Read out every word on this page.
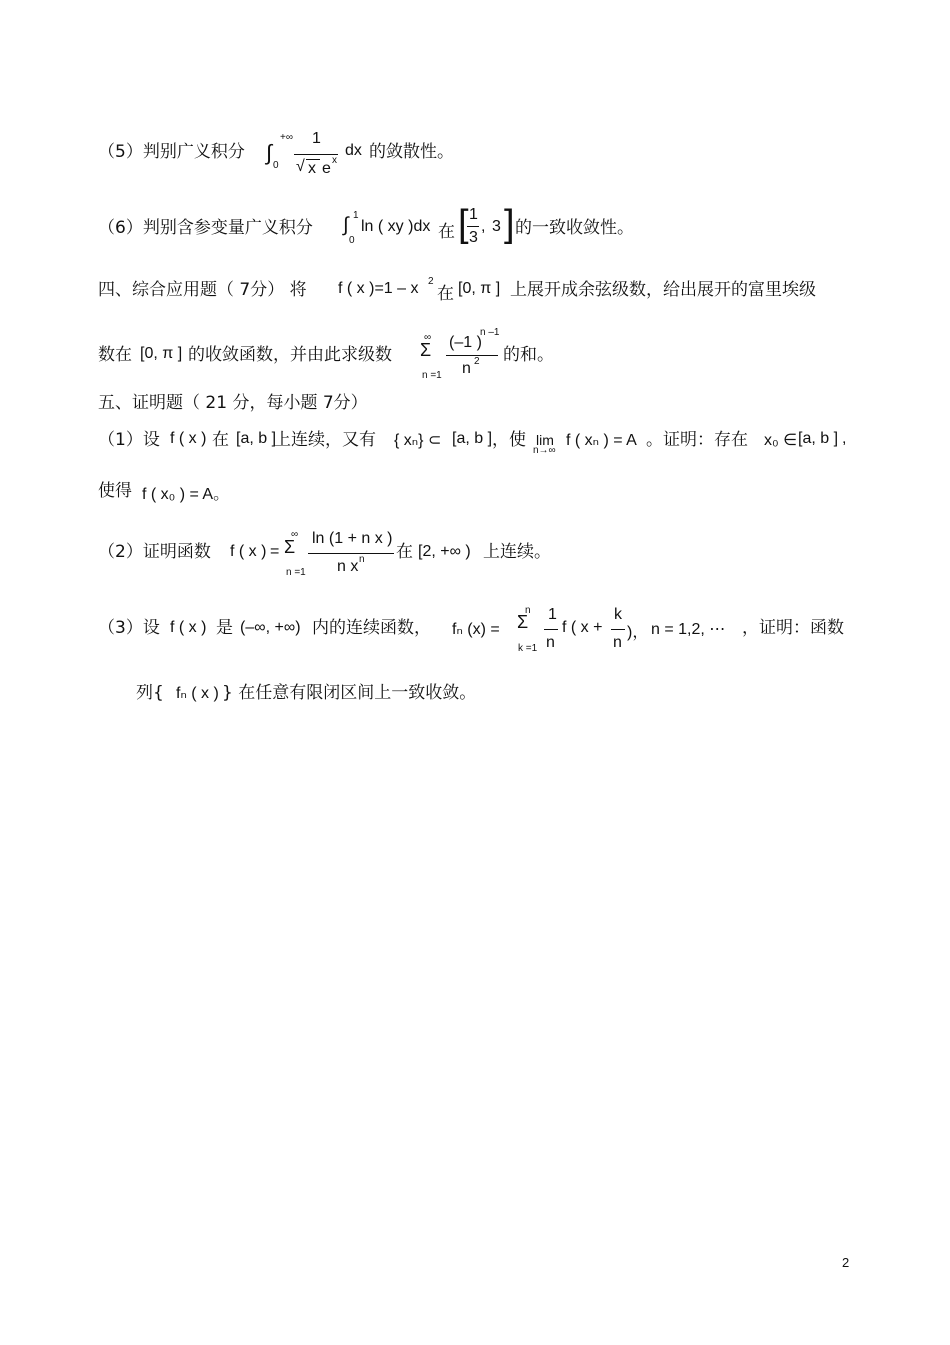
（5）判别广义积分 ∫
+∞
0
1
√ x e x
dx 的敛散性。
（6）判别含参变量广义积分 ∫ 1
0
ln ( xy )dx 在 [ 1
3
, 3 ] 的一致收敛性。
四、综合应用题（ 7分） 将 f ( x )=1 – x 2
在 [0, π ] 上展开成余弦级数，给出展开的富里埃级
数在 [0, π ] 的收敛函数，并由此求级数
∞
Σ
n =1
(–1 )
n –1
n 2 的和。
五、证明题（ 21 分，每小题 7分）
（1）设 f ( x ) 在 [a, b ]
上连续，又有 { xₙ} ⊂ [a, b ] ，使 lim
n→∞
f ( xₙ ) = A 。证明：存在 x₀ ∈ [a, b ] ,
使得 f ( x₀ ) = A。
（2）证明函数 f ( x ) =
∞
Σ
n =1
ln (1 + n x )
n x n 在 [2, +∞ ) 上连续。
（3）设 f ( x ) 是 (–∞, +∞) 内的连续函数， fₙ (x) =
n
Σ
k =1
1
n
f ( x +
k
n
)， n = 1,2, ⋯ ，证明：函数
列{ fₙ ( x ) } 在任意有限闭区间上一致收敛。
2
